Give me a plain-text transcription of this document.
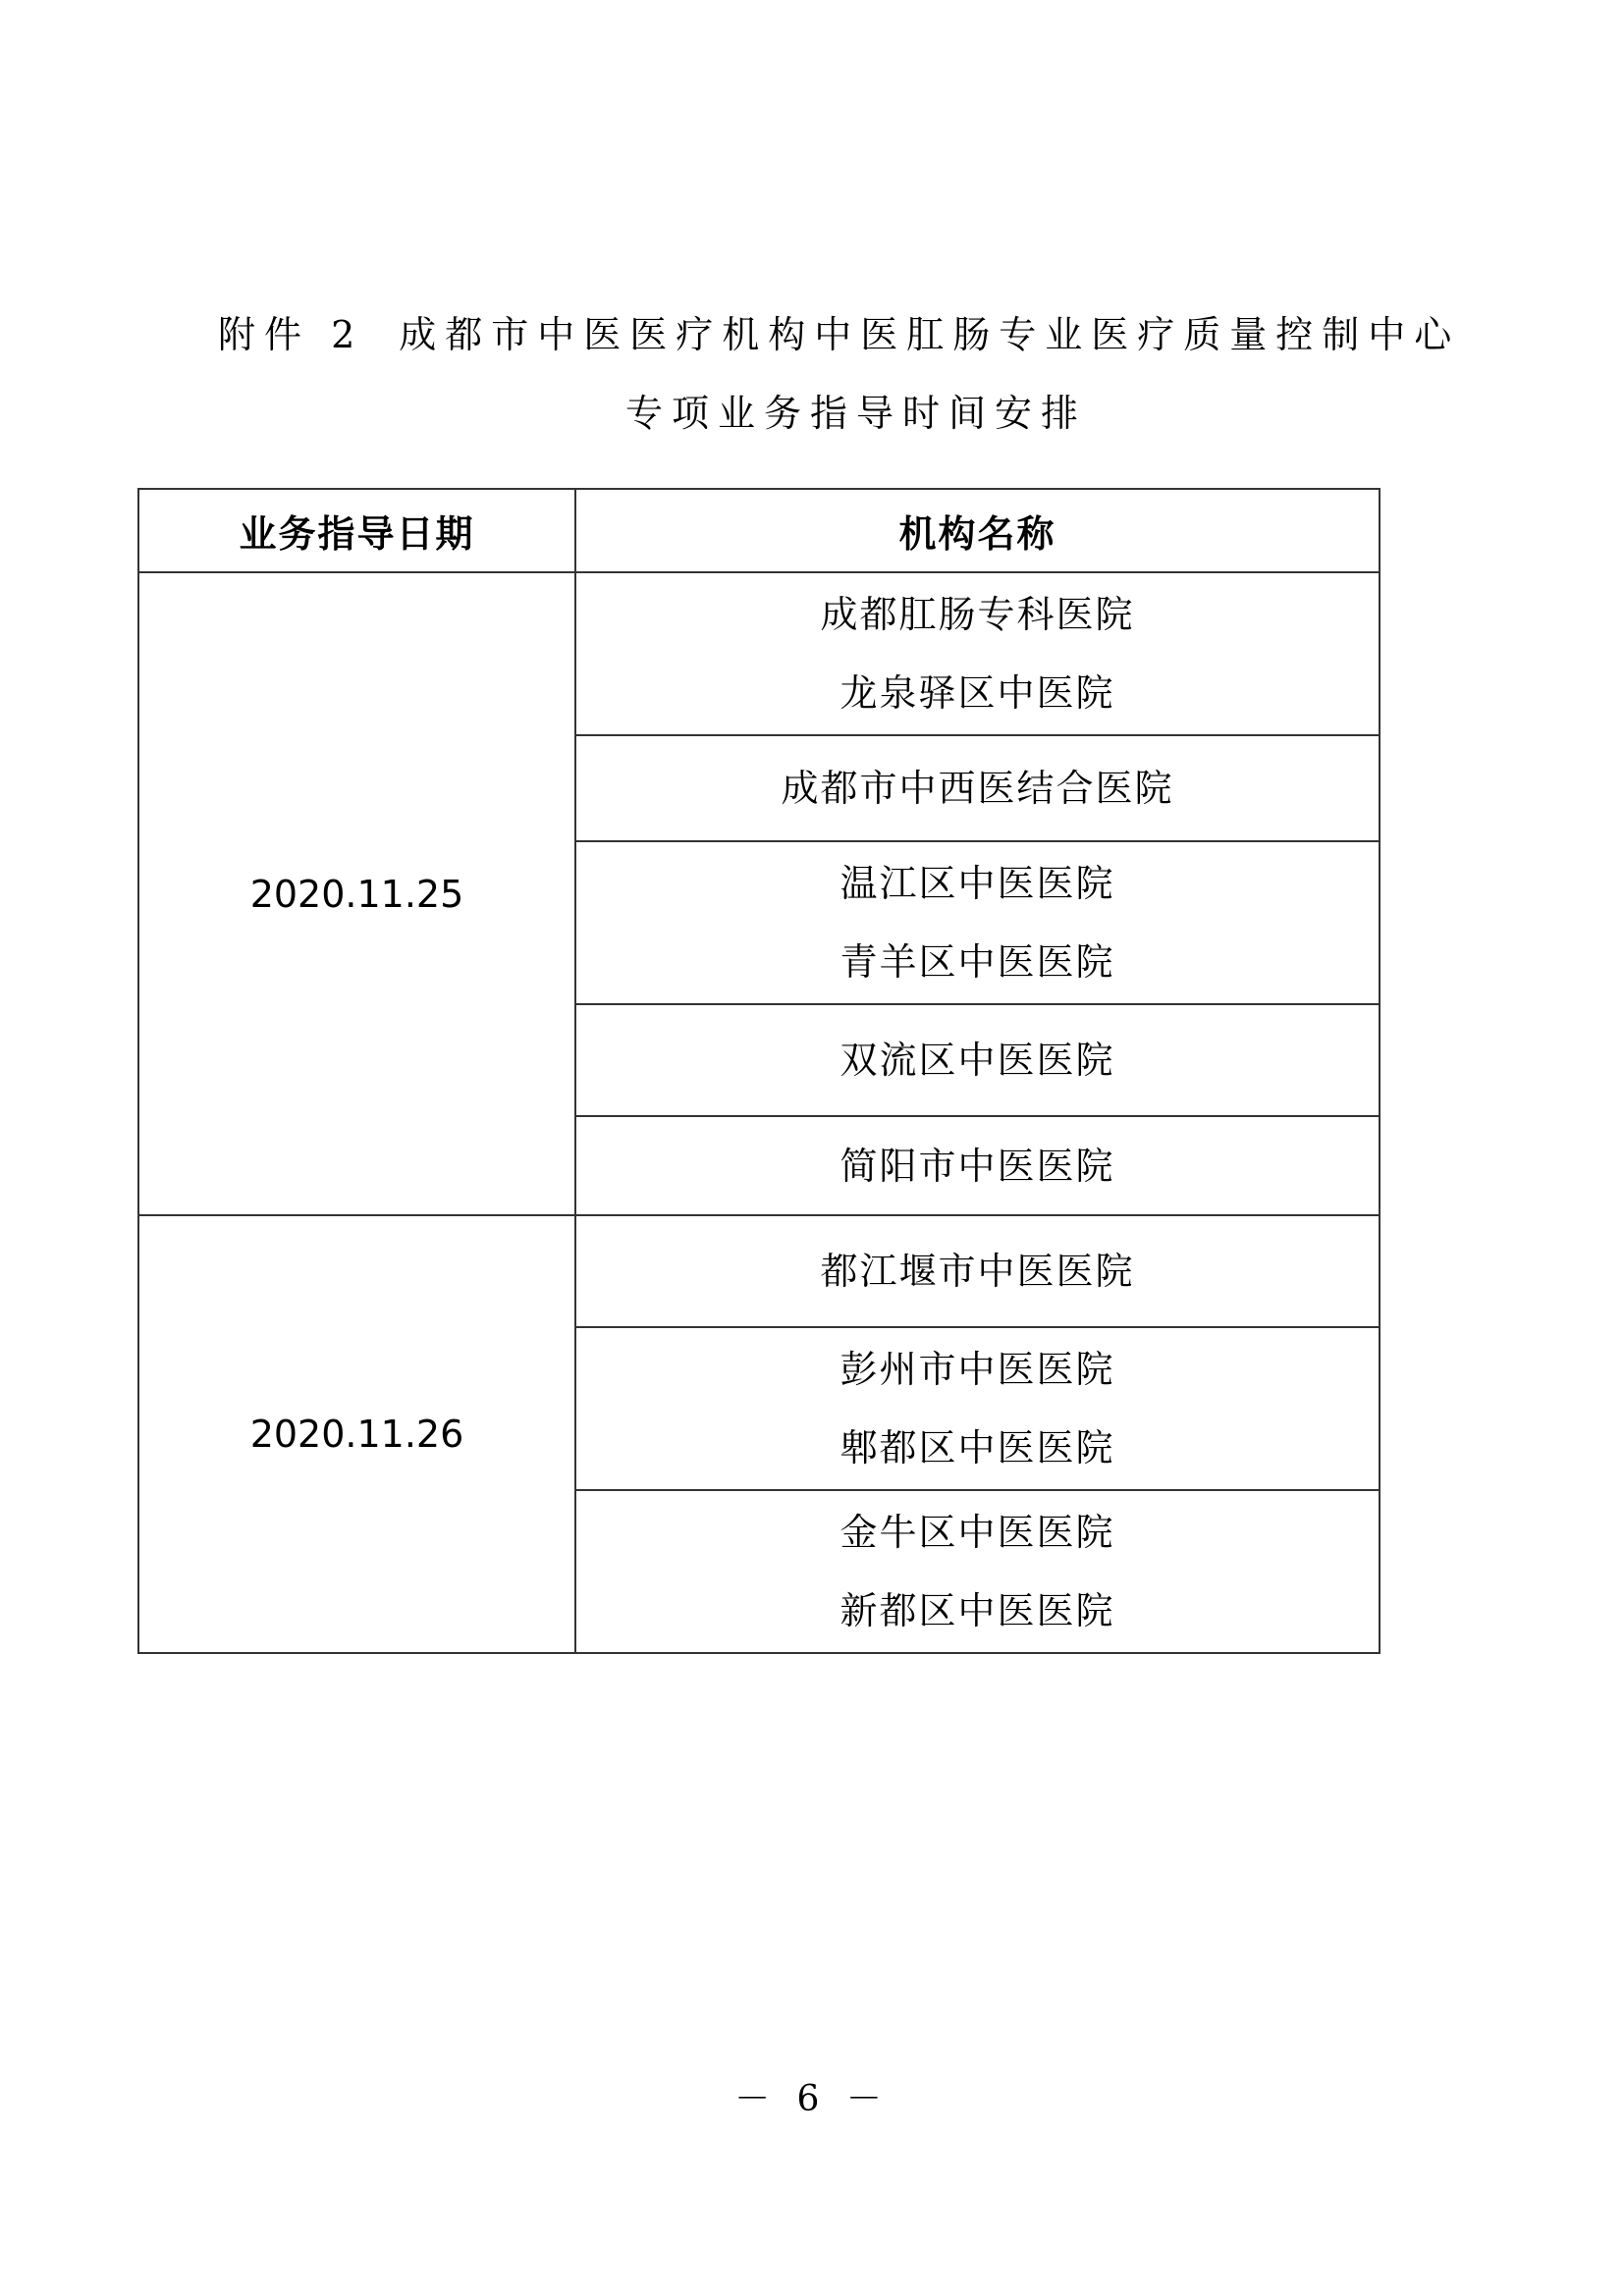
附件 2 成都市中医医疗机构中医肛肠专业医疗质量控制中心
专项业务指导时间安排
业务指导日期	机构名称
2020.11.25	成都肛肠专科医院
龙泉驿区中医院

	成都市中西医结合医院

	温江区中医医院
青羊区中医医院

	双流区中医医院

	简阳市中医医院

2020.11.26	都江堰市中医医院

	彭州市中医医院
郫都区中医医院

	金牛区中医医院
新都区中医医院
－ 6 －
